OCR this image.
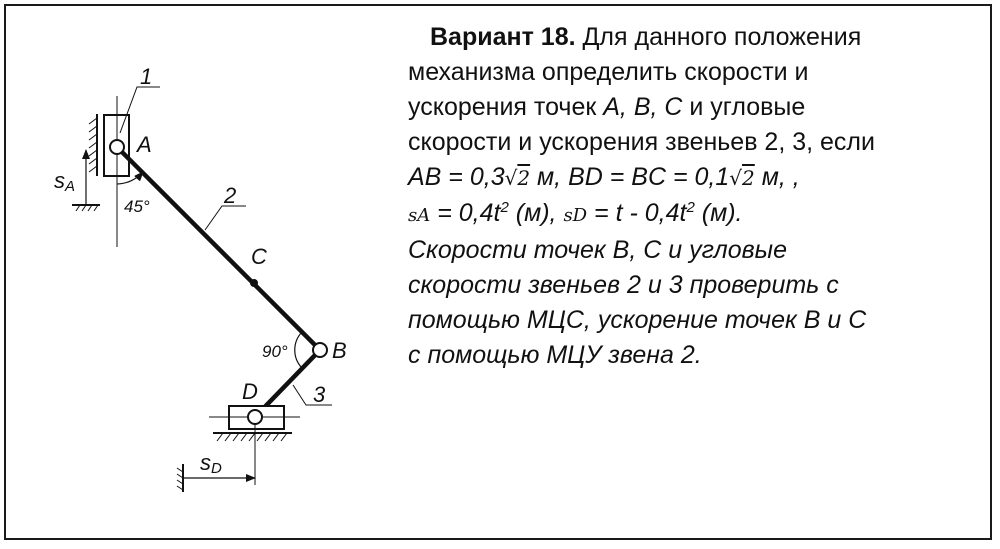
1
2
3
A
B
C
D
45°
90°
sA
sD
Вариант 18. Для данного положения
механизма определить скорости и
ускорения точек A, B, C и угловые
скорости и ускорения звеньев 2, 3, если
AB = 0,3√2 м, BD = BC = 0,1√2 м, ,
sA = $0,4t^2$ (м), sD = t - $0,4t^2$ (м).
Скорости точек B, C и угловые
скорости звеньев 2 и 3 проверить с
помощью МЦС, ускорение точек B и C
с помощью МЦУ звена 2.
